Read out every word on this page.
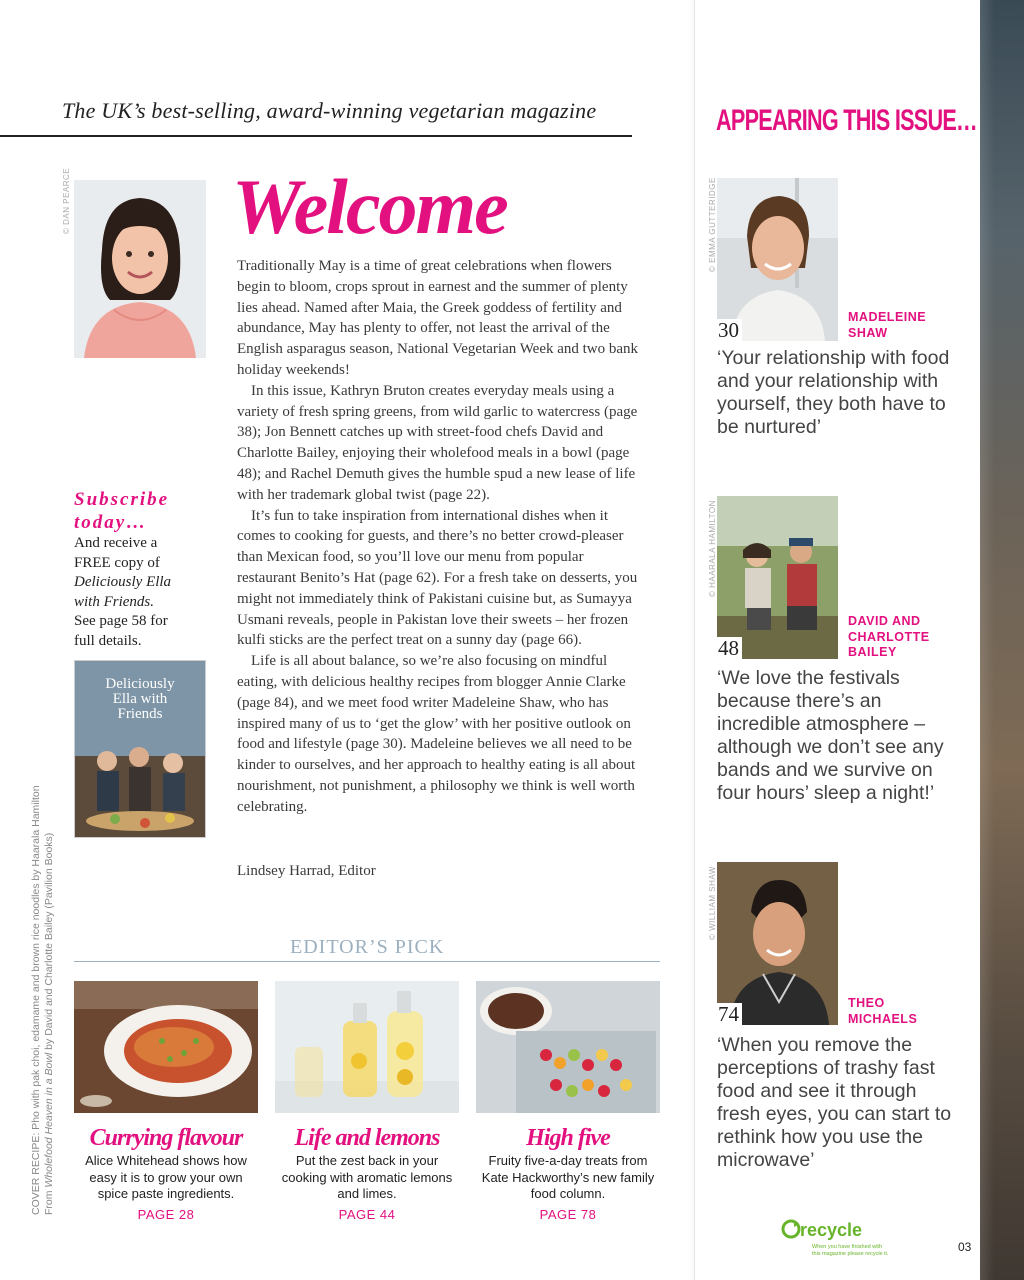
The UK’s best-selling, award-winning vegetarian magazine
© DAN PEARCE Welcome

Traditionally May is a time of great celebrations when flowers begin to bloom, crops sprout in earnest and the summer of plenty lies ahead. Named after Maia, the Greek goddess of fertility and abundance, May has plenty to offer, not least the arrival of the English asparagus season, National Vegetarian Week and two bank holiday weekends!

In this issue, Kathryn Bruton creates everyday meals using a variety of fresh spring greens, from wild garlic to watercress (page 38); Jon Bennett catches up with street-food chefs David and Charlotte Bailey, enjoying their wholefood meals in a bowl (page 48); and Rachel Demuth gives the humble spud a new lease of life with her trademark global twist (page 22).

It’s fun to take inspiration from international dishes when it comes to cooking for guests, and there’s no better crowd-pleaser than Mexican food, so you’ll love our menu from popular restaurant Benito’s Hat (page 62). For a fresh take on desserts, you might not immediately think of Pakistani cuisine but, as Sumayya Usmani reveals, people in Pakistan love their sweets – her frozen kulfi sticks are the perfect treat on a sunny day (page 66).

Life is all about balance, so we’re also focusing on mindful eating, with delicious healthy recipes from blogger Annie Clarke (page 84), and we meet food writer Madeleine Shaw, who has inspired many of us to ‘get the glow’ with her positive outlook on food and lifestyle (page 30). Madeleine believes we all need to be kinder to ourselves, and her approach to healthy eating is all about nourishment, not punishment, a philosophy we think is well worth celebrating.

Lindsey Harrad, Editor
Subscribe
today…
And receive a
FREE copy of
Deliciously Ella
with Friends.
See page 58 for
full details.
Deliciously
Ella with
Friends
EDITOR’S PICK
Currying flavour
Alice Whitehead shows how easy it is to grow your own spice paste ingredients.
PAGE 28
Life and lemons
Put the zest back in your cooking with aromatic lemons and limes.
PAGE 44
High five
Fruity five-a-day treats from Kate Hackworthy’s new family food column.
PAGE 78
COVER RECIPE: Pho with pak choi, edamame and brown rice noodles by Haarala Hamilton From Wholefood Heaven in a Bowl by David and Charlotte Bailey (Pavilion Books)
APPEARING THIS ISSUE…
© EMMA GUTTERIDGE
30
MADELEINE
SHAW
‘Your relationship with food and your relationship with yourself, they both have to be nurtured’
© HAARALA HAMILTON
48
DAVID AND
CHARLOTTE
BAILEY
‘We love the festivals because there’s an incredible atmosphere – although we don’t see any bands and we survive on four hours’ sleep a night!’
© WILLIAM SHAW
74	THEO
MICHAELS
‘When you remove the perceptions of trashy fast food and see it through fresh eyes, you can start to rethink how you use the microwave’
recycle
When you have finished with
this magazine please recycle it.	03
